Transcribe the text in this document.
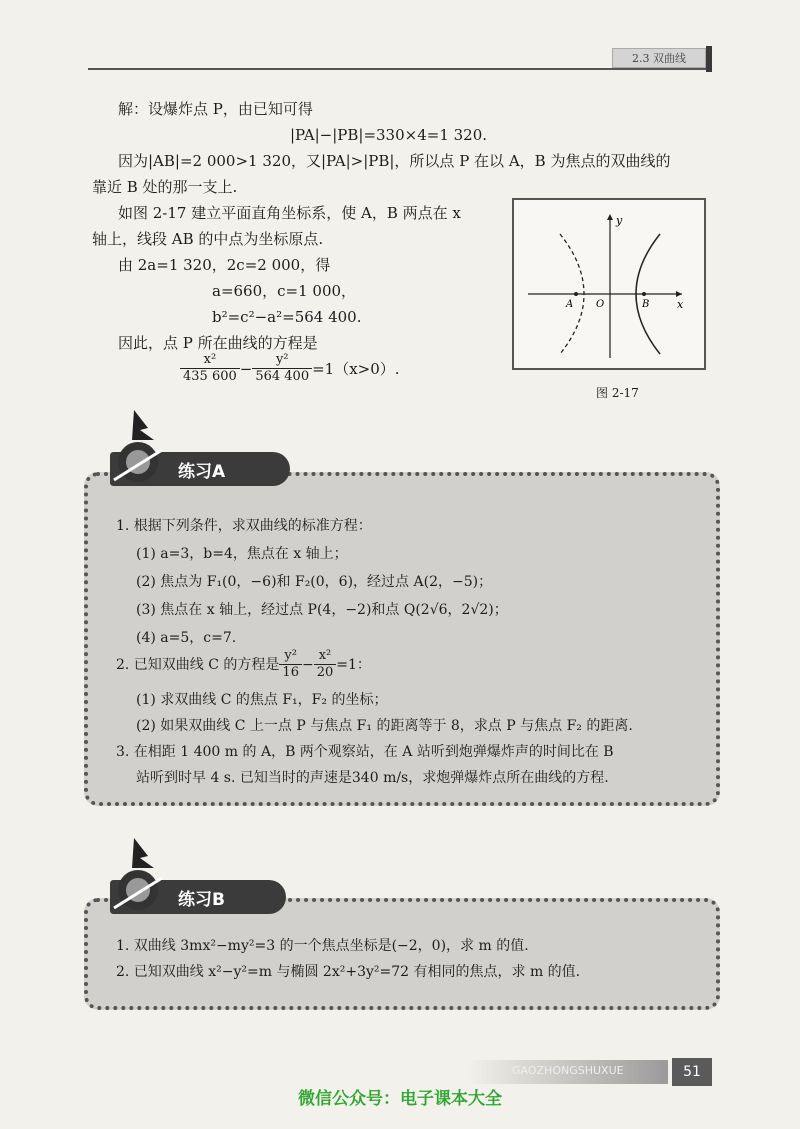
2.3 双曲线
解：设爆炸点 P，由已知可得
|PA|−|PB|=330×4=1 320.
因为|AB|=2 000>1 320，又|PA|>|PB|，所以点 P 在以 A，B 为焦点的双曲线的
靠近 B 处的那一支上.
如图 2-17 建立平面直角坐标系，使 A，B 两点在 x
轴上，线段 AB 的中点为坐标原点.
由 2a=1 320，2c=2 000，得
a=660，c=1 000，
b²=c²−a²=564 400.
因此，点 P 所在曲线的方程是
$\frac{\text{x²}}{435 600} - \frac{\text{y²}}{564 400} =1(x>0)$.
y
x
O
A	B
图 2-17
练习A
1. 根据下列条件，求双曲线的标准方程：
(1) a=3，b=4，焦点在 x 轴上；
(2) 焦点为 F₁(0，−6)和 F₂(0，6)，经过点 A(2，−5)；
(3) 焦点在 x 轴上，经过点 P(4，−2)和点 Q(2√6，2√2)；
(4) a=5，c=7.
2. 已知双曲线 C 的方程是 $\frac{\text{y²}}{16} - \frac{\text{x²}}{20} =1$：
(1) 求双曲线 C 的焦点 F₁，F₂ 的坐标；
(2) 如果双曲线 C 上一点 P 与焦点 F₁ 的距离等于 8，求点 P 与焦点 F₂ 的距离.
3. 在相距 1 400 m 的 A，B 两个观察站，在 A 站听到炮弹爆炸声的时间比在 B
站听到时早 4 s. 已知当时的声速是340 m/s，求炮弹爆炸点所在曲线的方程.
练习B
1. 双曲线 3mx²−my²=3 的一个焦点坐标是(−2，0)，求 m 的值.
2. 已知双曲线 x²−y²=m 与椭圆 2x²+3y²=72 有相同的焦点，求 m 的值.
GAOZHONGSHUXUE	51
微信公众号：电子课本大全
